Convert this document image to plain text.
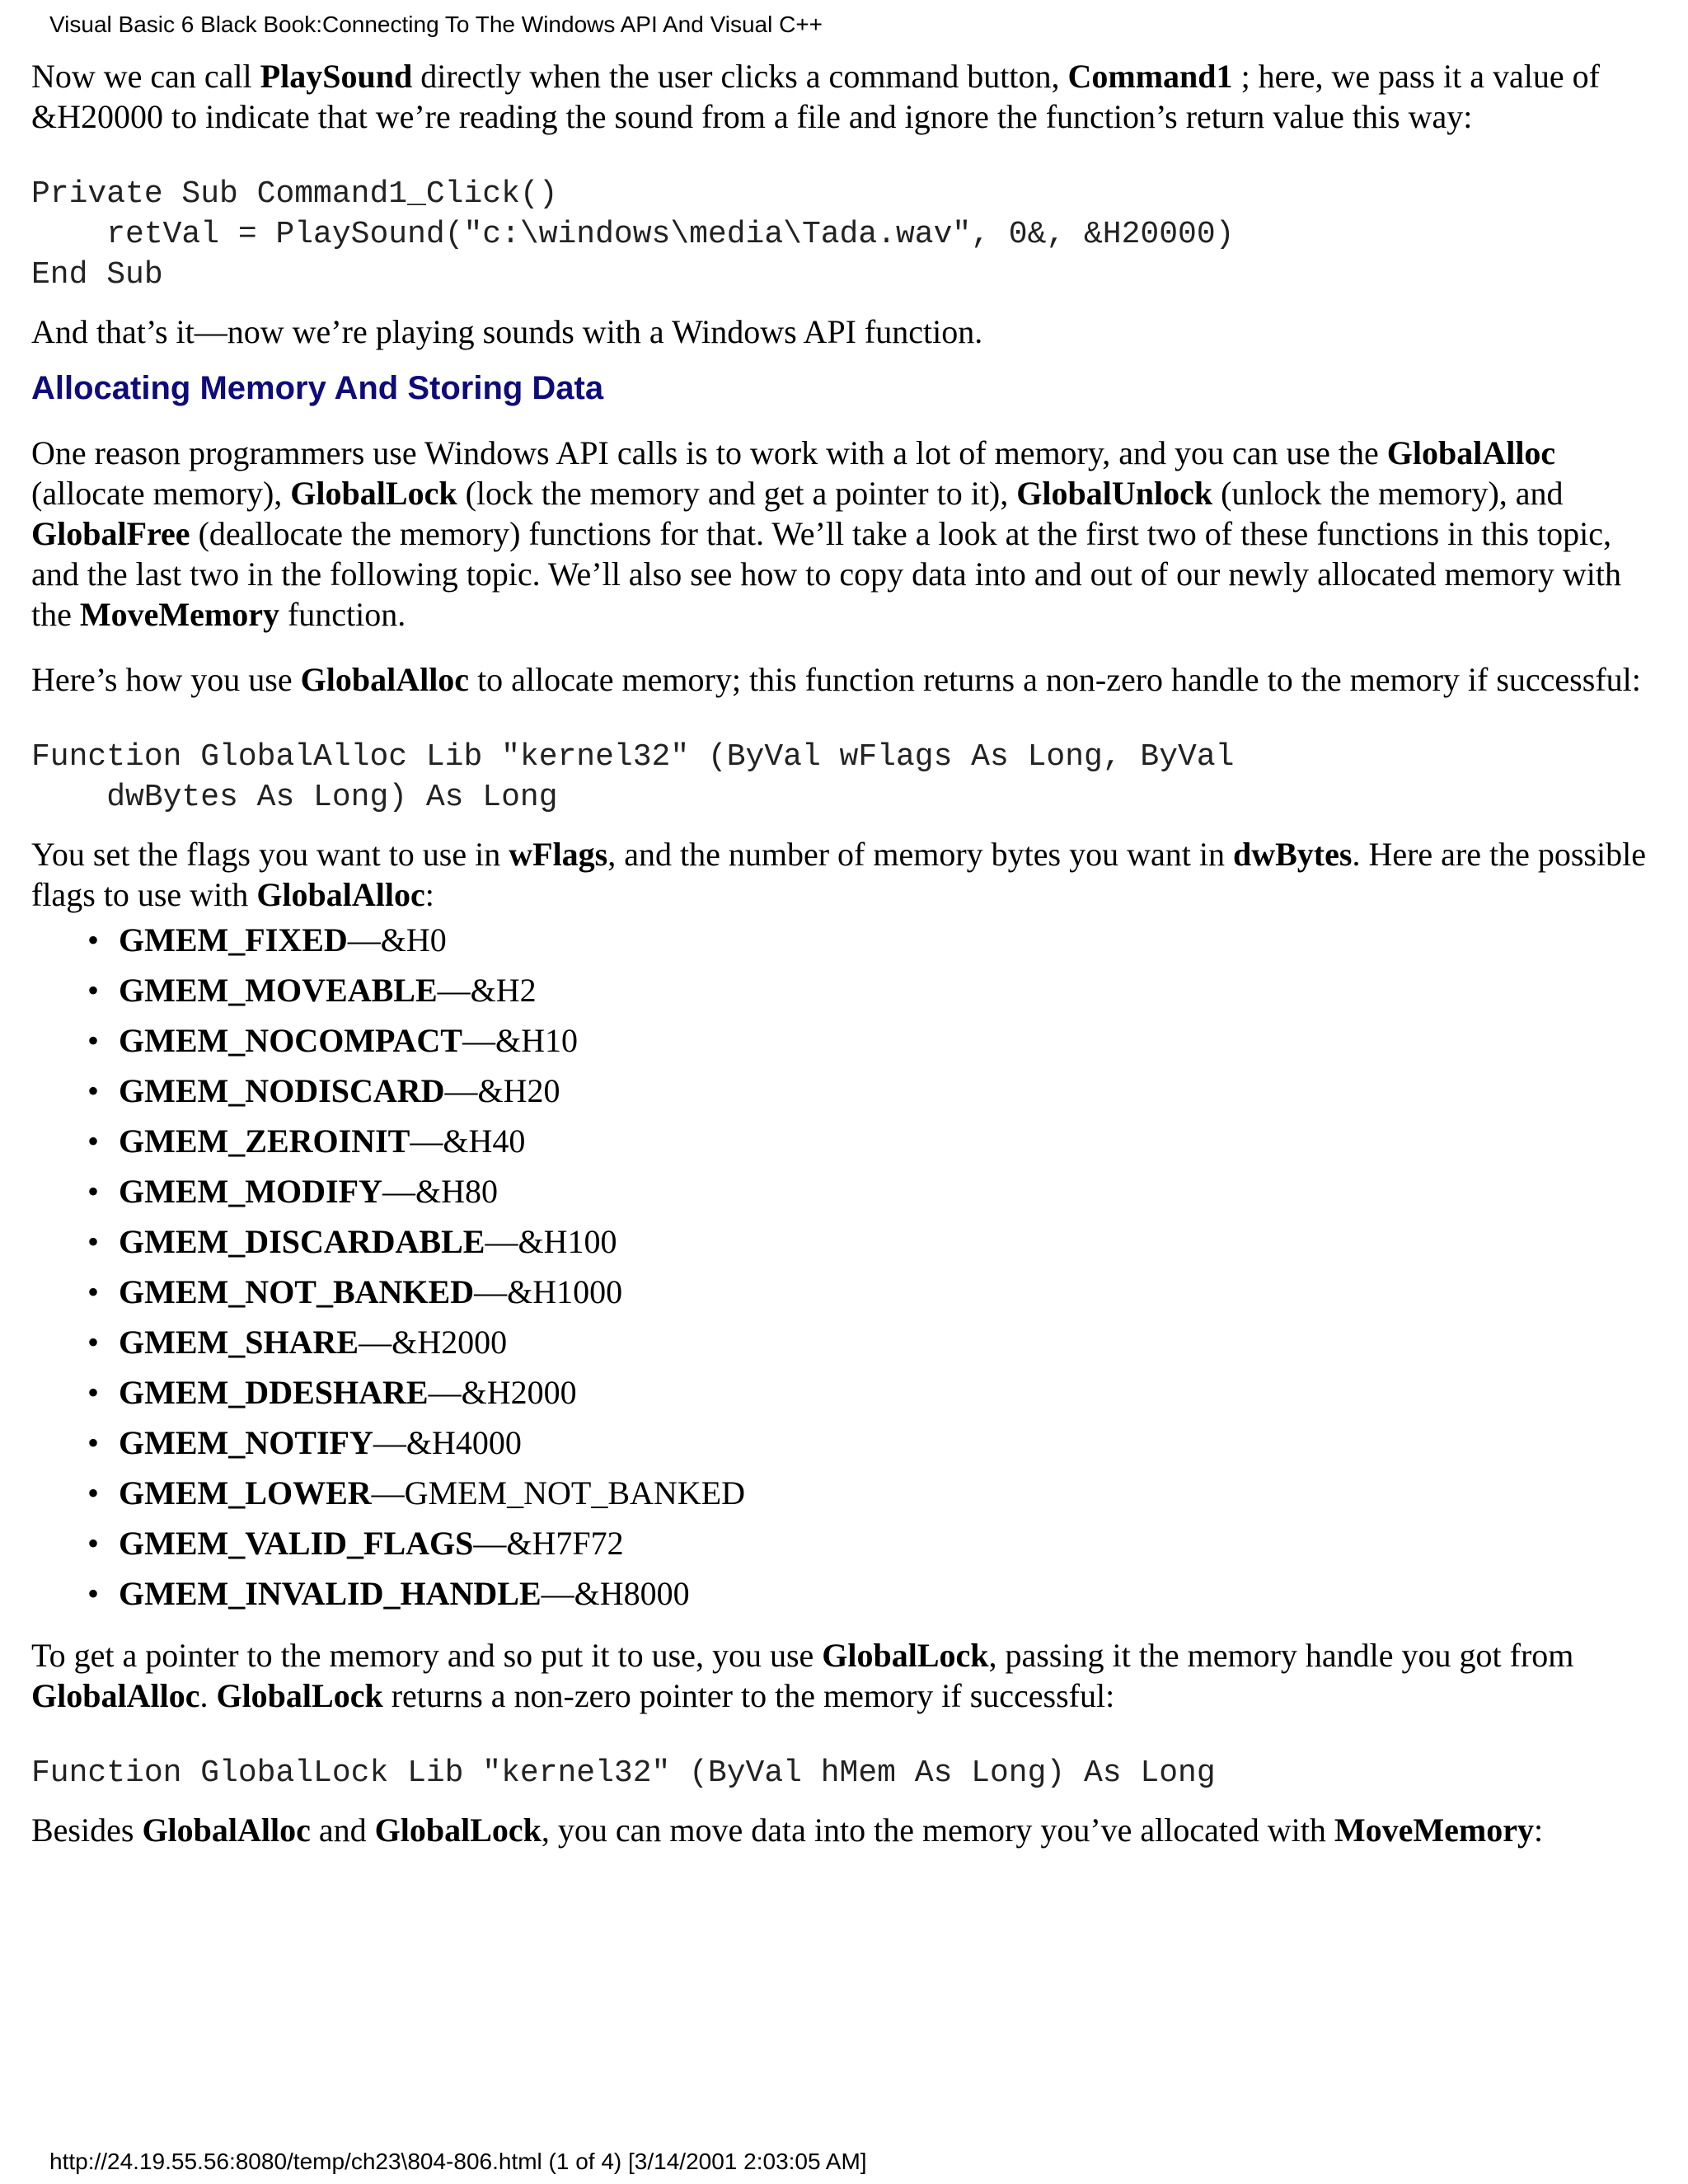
Visual Basic 6 Black Book:Connecting To The Windows API And Visual C++

Now we can call PlaySound directly when the user clicks a command button, Command1 ; here, we pass it a value of &H20000 to indicate that we’re reading the sound from a file and ignore the function’s return value this way:

Private Sub Command1_Click()
retVal = PlaySound("c:\windows\media\Tada.wav", 0&, &H20000)
End Sub

And that’s it—now we’re playing sounds with a Windows API function.

Allocating Memory And Storing Data

One reason programmers use Windows API calls is to work with a lot of memory, and you can use the GlobalAlloc (allocate memory), GlobalLock (lock the memory and get a pointer to it), GlobalUnlock (unlock the memory), and GlobalFree (deallocate the memory) functions for that. We’ll take a look at the first two of these functions in this topic, and the last two in the following topic. We’ll also see how to copy data into and out of our newly allocated memory with the MoveMemory function.

Here’s how you use GlobalAlloc to allocate memory; this function returns a non-zero handle to the memory if successful:

Function GlobalAlloc Lib "kernel32" (ByVal wFlags As Long, ByVal
dwBytes As Long) As Long

You set the flags you want to use in wFlags, and the number of memory bytes you want in dwBytes. Here are the possible flags to use with GlobalAlloc:

• GMEM_FIXED—&H0
• GMEM_MOVEABLE—&H2
• GMEM_NOCOMPACT—&H10
• GMEM_NODISCARD—&H20
• GMEM_ZEROINIT—&H40
• GMEM_MODIFY—&H80
• GMEM_DISCARDABLE—&H100
• GMEM_NOT_BANKED—&H1000
• GMEM_SHARE—&H2000
• GMEM_DDESHARE—&H2000
• GMEM_NOTIFY—&H4000
• GMEM_LOWER—GMEM_NOT_BANKED
• GMEM_VALID_FLAGS—&H7F72
• GMEM_INVALID_HANDLE—&H8000

To get a pointer to the memory and so put it to use, you use GlobalLock, passing it the memory handle you got from GlobalAlloc. GlobalLock returns a non-zero pointer to the memory if successful:

Function GlobalLock Lib "kernel32" (ByVal hMem As Long) As Long

Besides GlobalAlloc and GlobalLock, you can move data into the memory you’ve allocated with MoveMemory:

http://24.19.55.56:8080/temp/ch23\804-806.html (1 of 4) [3/14/2001 2:03:05 AM]
